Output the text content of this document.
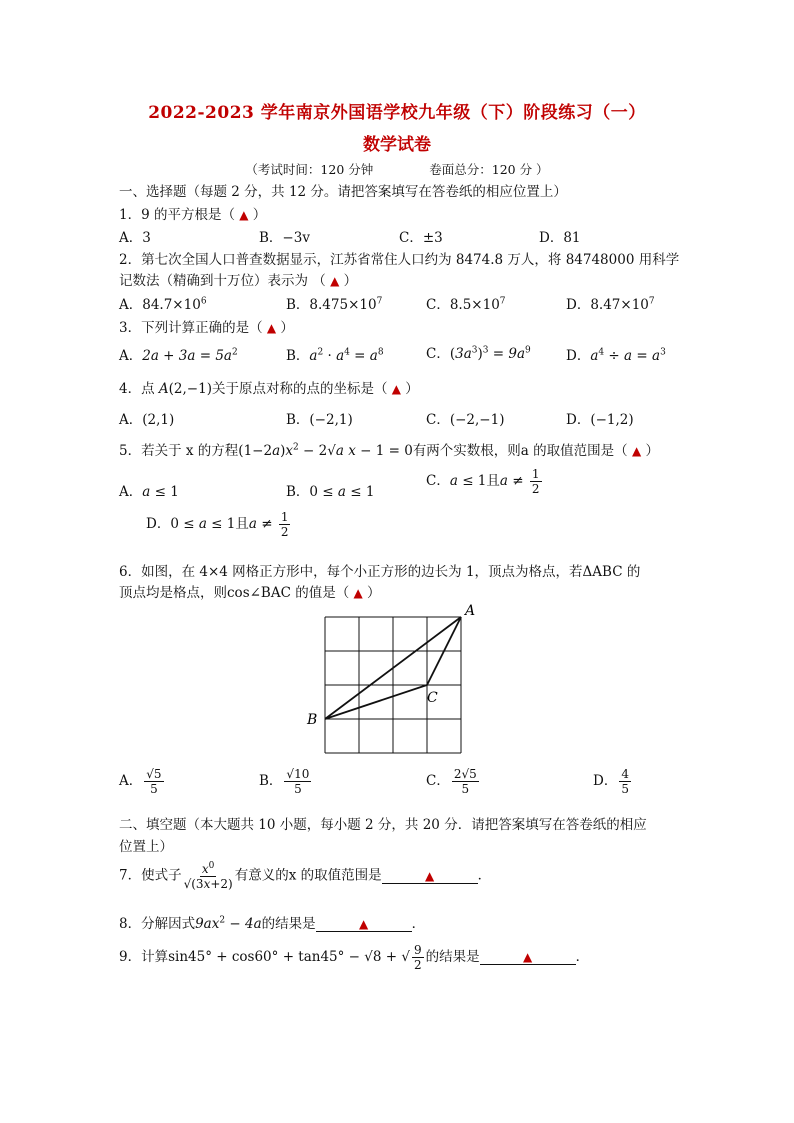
2022-2023 学年南京外国语学校九年级（下）阶段练习（一）
数学试卷
（考试时间：120 分钟	卷面总分：120 分 ）
一、选择题（每题 2 分，共 12 分。请把答案填写在答卷纸的相应位置上）
1．9 的平方根是（ ▲ ）
A．3	B．−3v	C．±3	D．81
2．第七次全国人口普查数据显示，江苏省常住人口约为 8474.8 万人，将 84748000 用科学
记数法（精确到十万位）表示为 （ ▲ ）
A．$84.7\times 10^6$	B．$8.475\times 10^7$	C．$8.5\times 10^7$	D．$8.47\times 10^7$
3．下列计算正确的是（ ▲ ）
A．$2a + 3a = 5a^2$	B．$a^2 \cdot a^4 = a^8$	C．$(3a^3)^3 = 9a^9$	D．$a^4 \div a = a^3$
4．点 A(2,−1)关于原点对称的点的坐标是（ ▲ ）
A．(2,1)	B．(−2,1)	C．(−2,−1)	D．(−1,2)
5．若关于 x 的方程$(1-2a)x^2 - 2√a$ x − 1 = 0有两个实数根，则a 的取值范围是（ ▲ ）
A．a ≤ 1	B．0 ≤ a ≤ 1
C．a ≤ 1且$a \ne \frac{1}{2}$
D．0 ≤ a ≤ 1且$a \ne \frac{1}{2}$
6．如图，在 4×4 网格正方形中，每个小正方形的边长为 1，顶点为格点，若ΔABC 的
顶点均是格点，则cos∠BAC 的值是（ ▲ ）
A
B
C
A． $\frac{√5}{5}$	B． $\frac{√10}{5}$	C． $\frac{2√5}{5}$	D． $\frac{4}{5}$
二、填空题（本大题共 10 小题，每小题 2 分，共 20 分．请把答案填写在答卷纸的相应
位置上）
7．使式子 $\frac{x^0}{√(3x+2)}$ 有意义的x 的取值范围是	▲	．
8．分解因式$9ax^2 - 4a$的结果是	▲	．
9．计算sin45° + cos60° + tan45° − √8 + √ $\frac{9}{2}$ 的结果是	▲	．
